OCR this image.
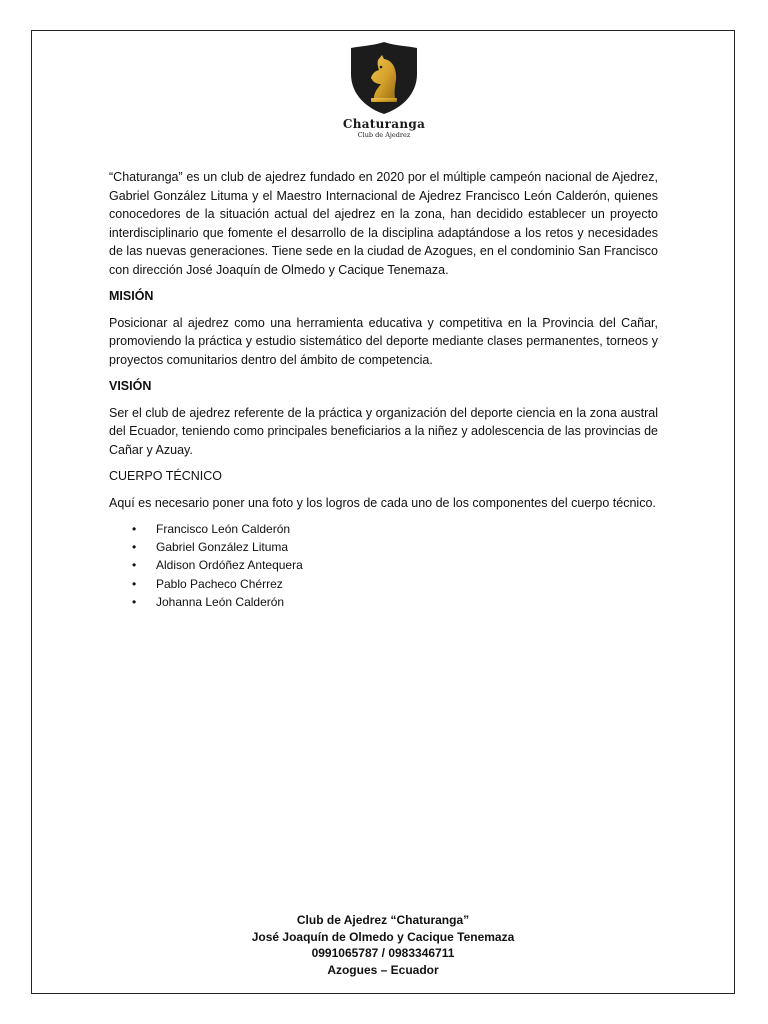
Chaturanga
Club de Ajedrez

“Chaturanga” es un club de ajedrez fundado en 2020 por el múltiple campeón nacional de Ajedrez, Gabriel González Lituma y el Maestro Internacional de Ajedrez Francisco León Calderón, quienes conocedores de la situación actual del ajedrez en la zona, han decidido establecer un proyecto interdisciplinario que fomente el desarrollo de la disciplina adaptándose a los retos y necesidades de las nuevas generaciones. Tiene sede en la ciudad de Azogues, en el condominio San Francisco con dirección José Joaquín de Olmedo y Cacique Tenemaza.

MISIÓN

Posicionar al ajedrez como una herramienta educativa y competitiva en la Provincia del Cañar, promoviendo la práctica y estudio sistemático del deporte mediante clases permanentes, torneos y proyectos comunitarios dentro del ámbito de competencia.

VISIÓN

Ser el club de ajedrez referente de la práctica y organización del deporte ciencia en la zona austral del Ecuador, teniendo como principales beneficiarios a la niñez y adolescencia de las provincias de Cañar y Azuay.

CUERPO TÉCNICO

Aquí es necesario poner una foto y los logros de cada uno de los componentes del cuerpo técnico.

• Francisco León Calderón
• Gabriel González Lituma
• Aldison Ordóñez Antequera
• Pablo Pacheco Chérrez
• Johanna León Calderón
Club de Ajedrez “Chaturanga”
José Joaquín de Olmedo y Cacique Tenemaza
0991065787 / 0983346711
Azogues – Ecuador
